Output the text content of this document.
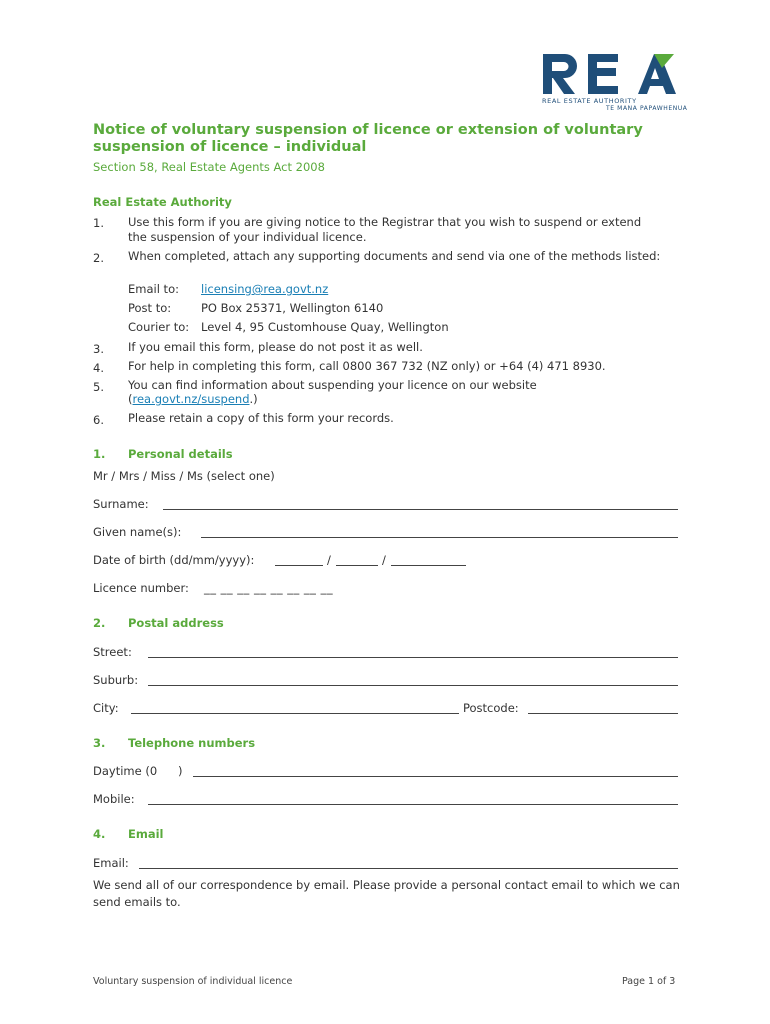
REAL ESTATE AUTHORITY
TE MANA PAPAWHENUA
Notice of voluntary suspension of licence or extension of voluntary suspension of licence – individual
Section 58, Real Estate Agents Act 2008
Real Estate Authority
1. Use this form if you are giving notice to the Registrar that you wish to suspend or extend the suspension of your individual licence.
2. When completed, attach any supporting documents and send via one of the methods listed:
Email to: licensing@rea.govt.nz
Post to:	PO Box 25371, Wellington 6140
Courier to: Level 4, 95 Customhouse Quay, Wellington
3. If you email this form, please do not post it as well.
4. For help in completing this form, call 0800 367 732 (NZ only) or +64 (4) 471 8930.
5. You can find information about suspending your licence on our website
(rea.govt.nz/suspend.)
6. Please retain a copy of this form your records.
1. Personal details
Mr / Mrs / Miss / Ms (select one)
Surname:
Given name(s):
Date of birth (dd/mm/yyyy):	/	/
Licence number: __ __ __ __ __ __ __ __
2. Postal address
Street:
Suburb:
City:	Postcode:
3. Telephone numbers
Daytime (0 )
Mobile:
4. Email
Email:
We send all of our correspondence by email. Please provide a personal contact email to which we can send emails to.
Voluntary suspension of individual licence	Page 1 of 3
